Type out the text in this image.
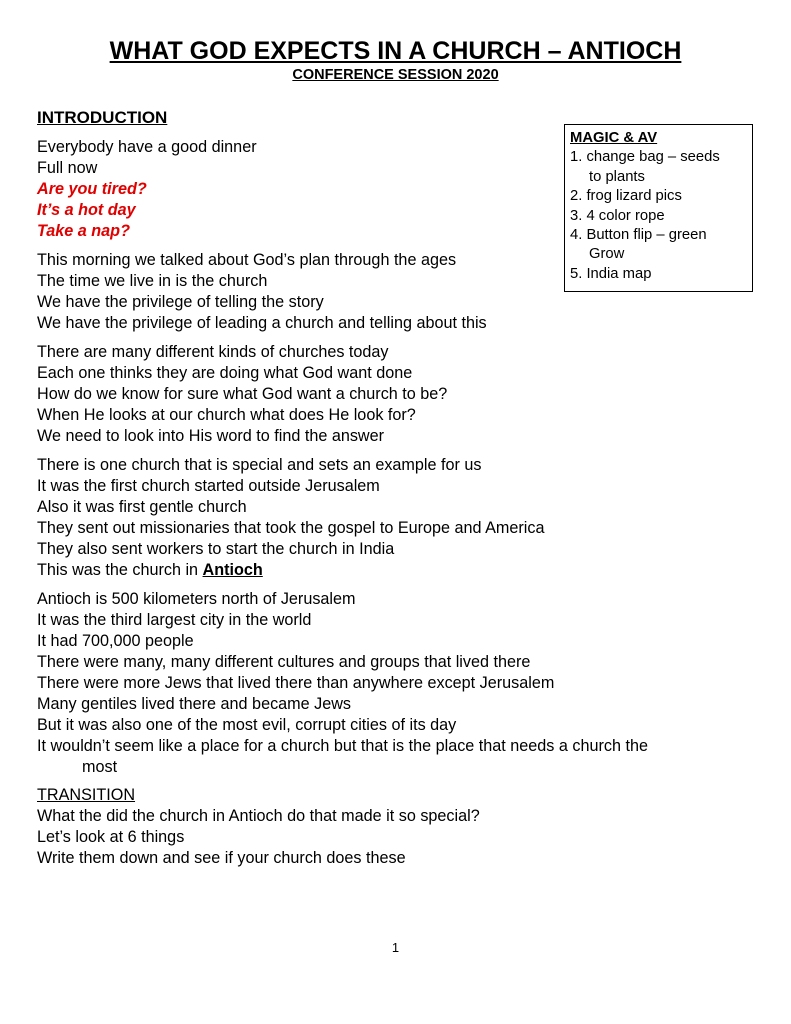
WHAT GOD EXPECTS IN A CHURCH – ANTIOCH
CONFERENCE SESSION 2020
INTRODUCTION
Everybody have a good dinner
Full now
Are you tired?
It’s a hot day
Take a nap?
This morning we talked about God’s plan through the ages
The time we live in is the church
We have the privilege of telling the story
We have the privilege of leading a church and telling about this
There are many different kinds of churches today
Each one thinks they are doing what God want done
How do we know for sure what God want a church to be?
When He looks at our church what does He look for?
We need to look into His word to find the answer
There is one church that is special and sets an example for us
It was the first church started outside Jerusalem
Also it was first gentle church
They sent out missionaries that took the gospel to Europe and America
They also sent workers to start the church in India
This was the church in Antioch
Antioch is 500 kilometers north of Jerusalem
It was the third largest city in the world
It had 700,000 people
There were many, many different cultures and groups that lived there
There were more Jews that lived there than anywhere except Jerusalem
Many gentiles lived there and became Jews
But it was also one of the most evil, corrupt cities of its day
It wouldn’t seem like a place for a church but that is the place that needs a church the
most
TRANSITION
What the did the church in Antioch do that made it so special?
Let’s look at 6 things
Write them down and see if your church does these
MAGIC & AV
1. change bag – seeds
to plants
2. frog lizard pics
3. 4 color rope
4. Button flip – green
Grow
5. India map
1
